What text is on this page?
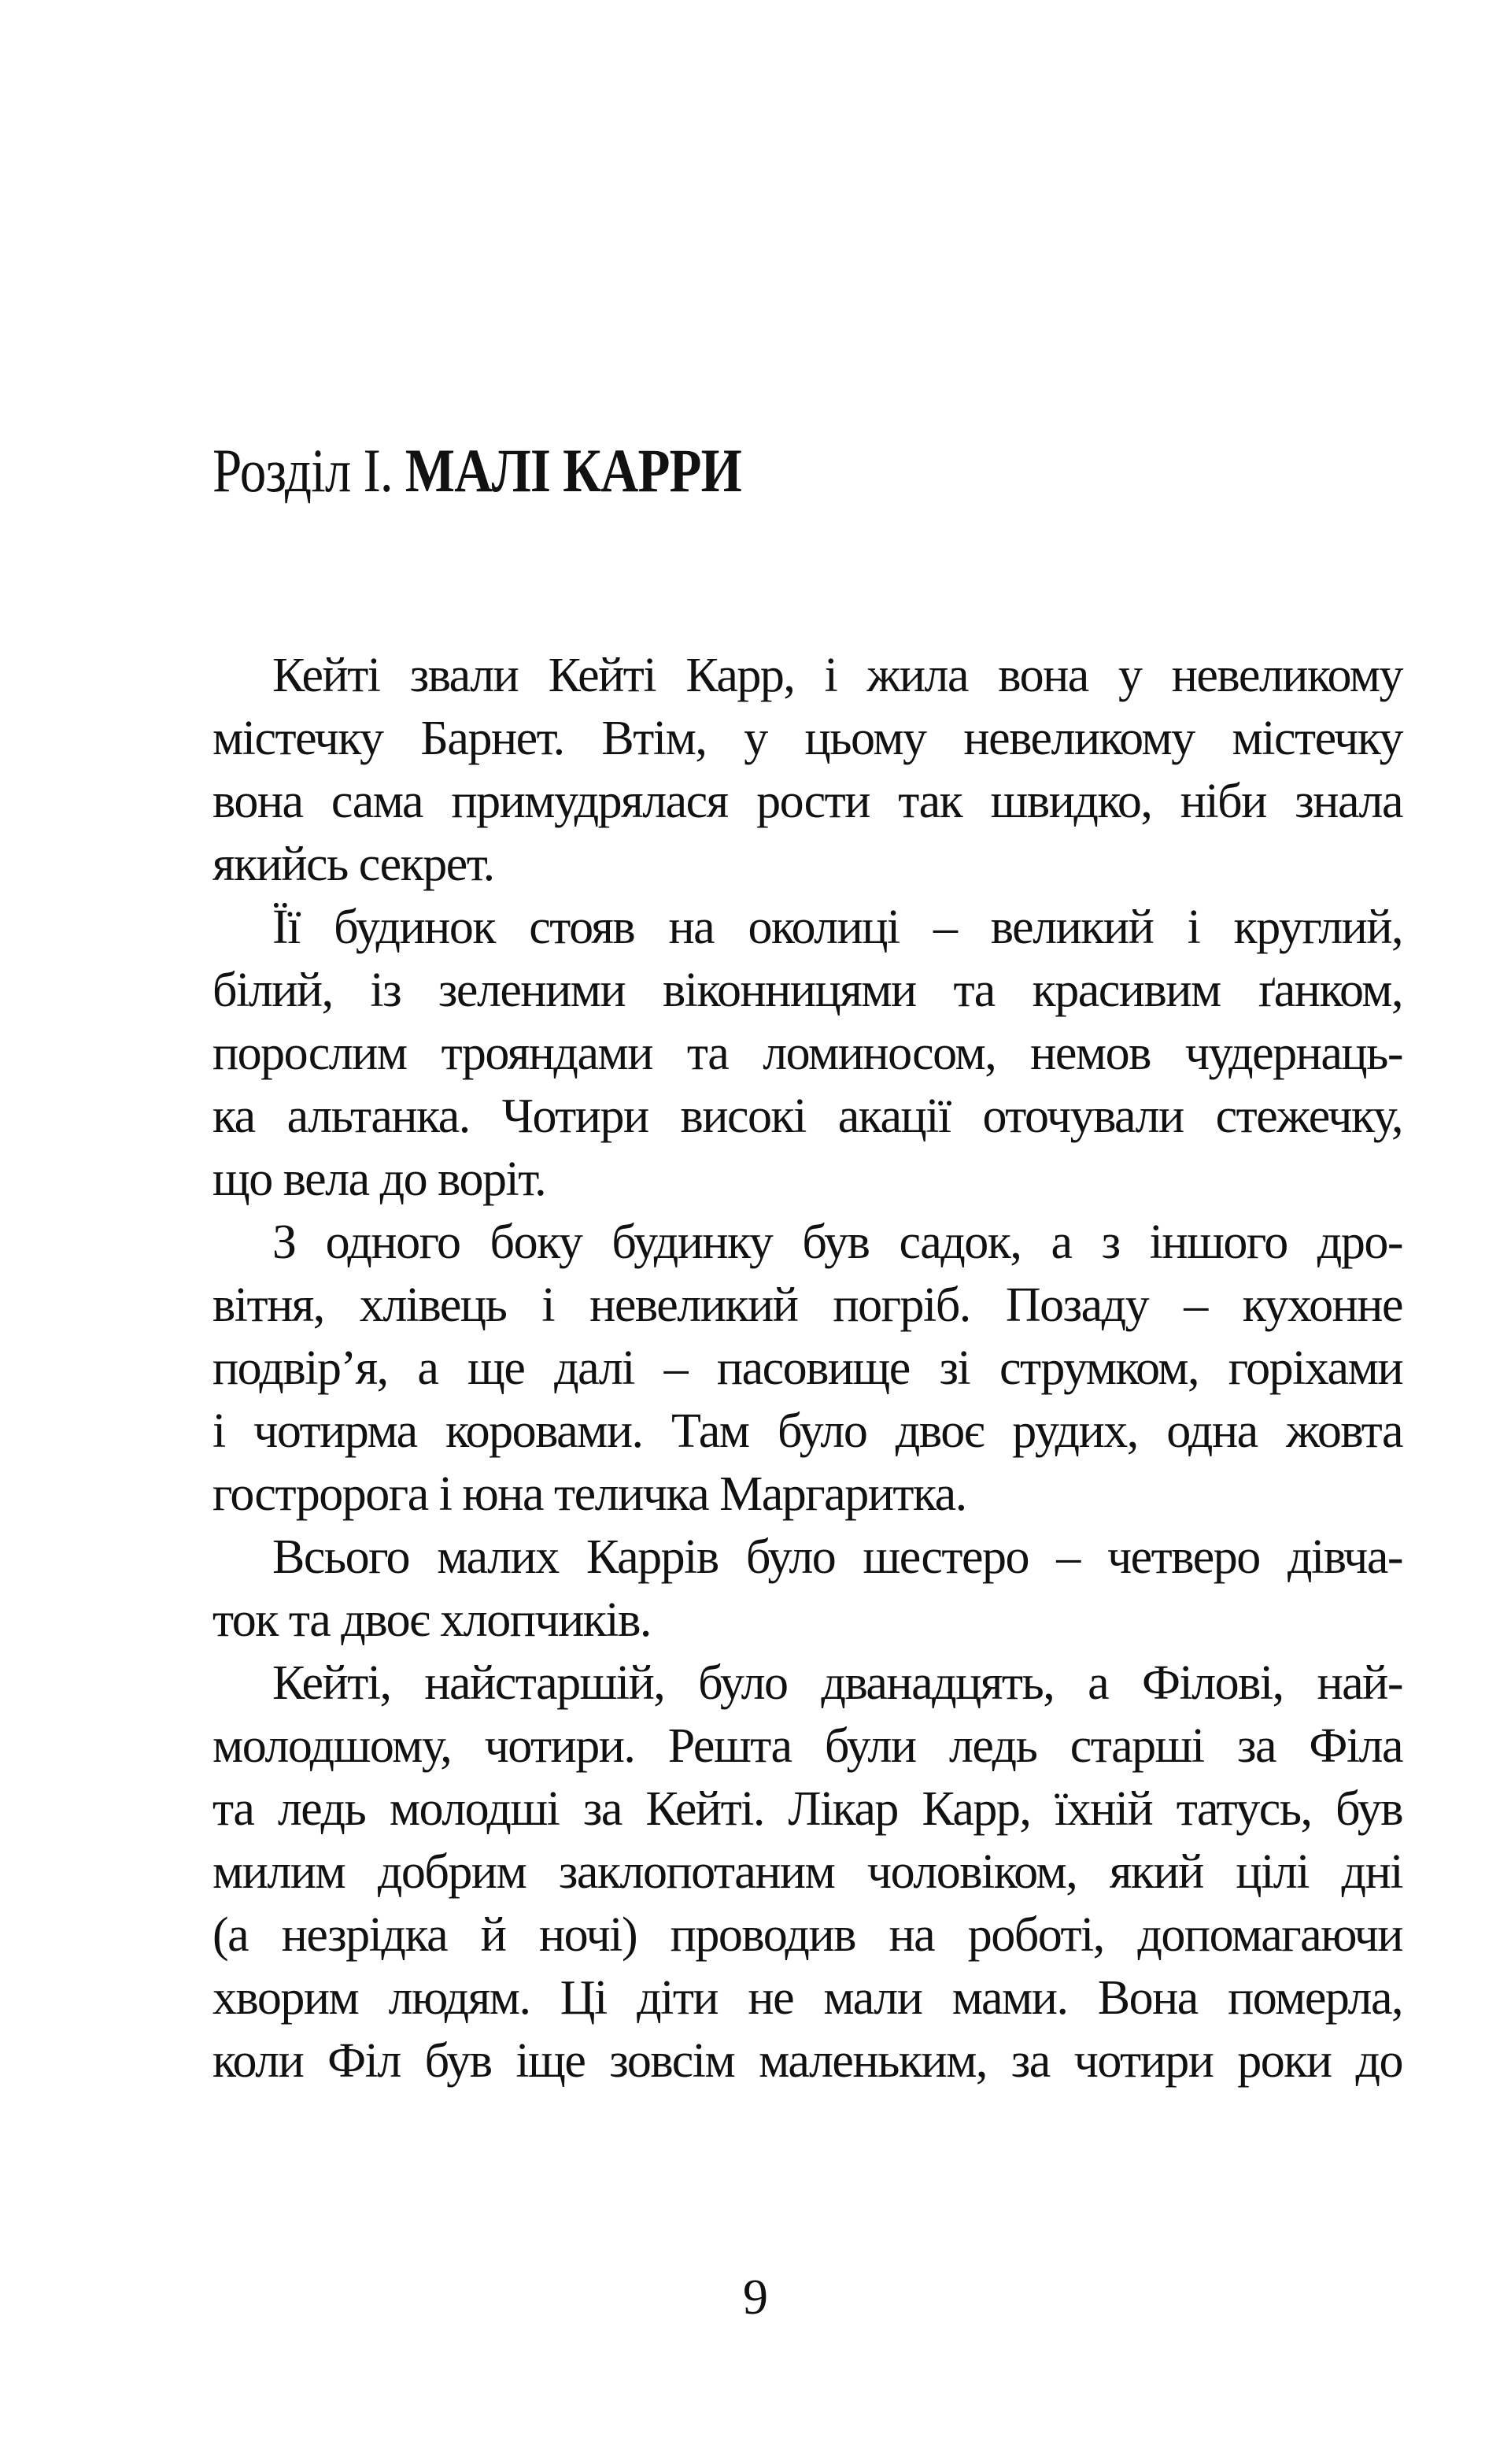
Розділ І. МАЛІ КАРРИ
Кейті звали Кейті Карр, і жила вона у невеликому
містечку Барнет. Втім, у цьому невеликому містечку
вона сама примудрялася рости так швидко, ніби знала
якийсь секрет.
Її будинок стояв на околиці – великий і круглий,
білий, із зеленими віконницями та красивим ґанком,
порослим трояндами та ломиносом, немов чудернаць-
ка альтанка. Чотири високі акації оточували стежечку,
що вела до воріт.
З одного боку будинку був садок, а з іншого дро-
вітня, хлівець і невеликий погріб. Позаду – кухонне
подвір’я, а ще далі – пасовище зі струмком, горіхами
і чотирма коровами. Там було двоє рудих, одна жовта
гостророга і юна теличка Маргаритка.
Всього малих Каррів було шестеро – четверо дівча-
ток та двоє хлопчиків.
Кейті, найстаршій, було дванадцять, а Філові, най-
молодшому, чотири. Решта були ледь старші за Філа
та ледь молодші за Кейті. Лікар Карр, їхній татусь, був
милим добрим заклопотаним чоловіком, який цілі дні
(а незрідка й ночі) проводив на роботі, допомагаючи
хворим людям. Ці діти не мали мами. Вона померла,
коли Філ був іще зовсім маленьким, за чотири роки до
9
